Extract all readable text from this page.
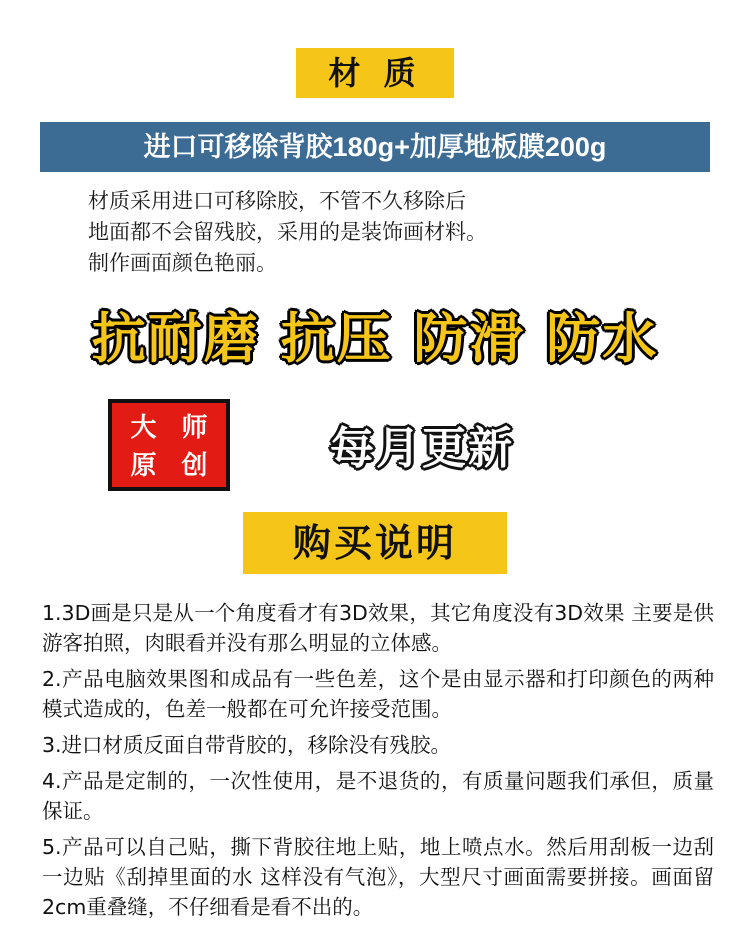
材 质
进口可移除背胶180g+加厚地板膜200g
材质采用进口可移除胶，不管不久移除后
地面都不会留残胶，采用的是装饰画材料。
制作画面颜色艳丽。
抗耐磨 抗压 防滑 防水
大 师
原 创	每月更新
购买说明

1.3D画是只是从一个角度看才有3D效果，其它角度没有3D效果 主要是供游客拍照，肉眼看并没有那么明显的立体感。

2.产品电脑效果图和成品有一些色差，这个是由显示器和打印颜色的两种模式造成的，色差一般都在可允许接受范围。

3.进口材质反面自带背胶的，移除没有残胶。

4.产品是定制的，一次性使用，是不退货的，有质量问题我们承但，质量保证。

5.产品可以自己贴，撕下背胶往地上贴，地上喷点水。然后用刮板一边刮一边贴《刮掉里面的水 这样没有气泡》，大型尺寸画面需要拼接。画面留2cm重叠缝，不仔细看是看不出的。
